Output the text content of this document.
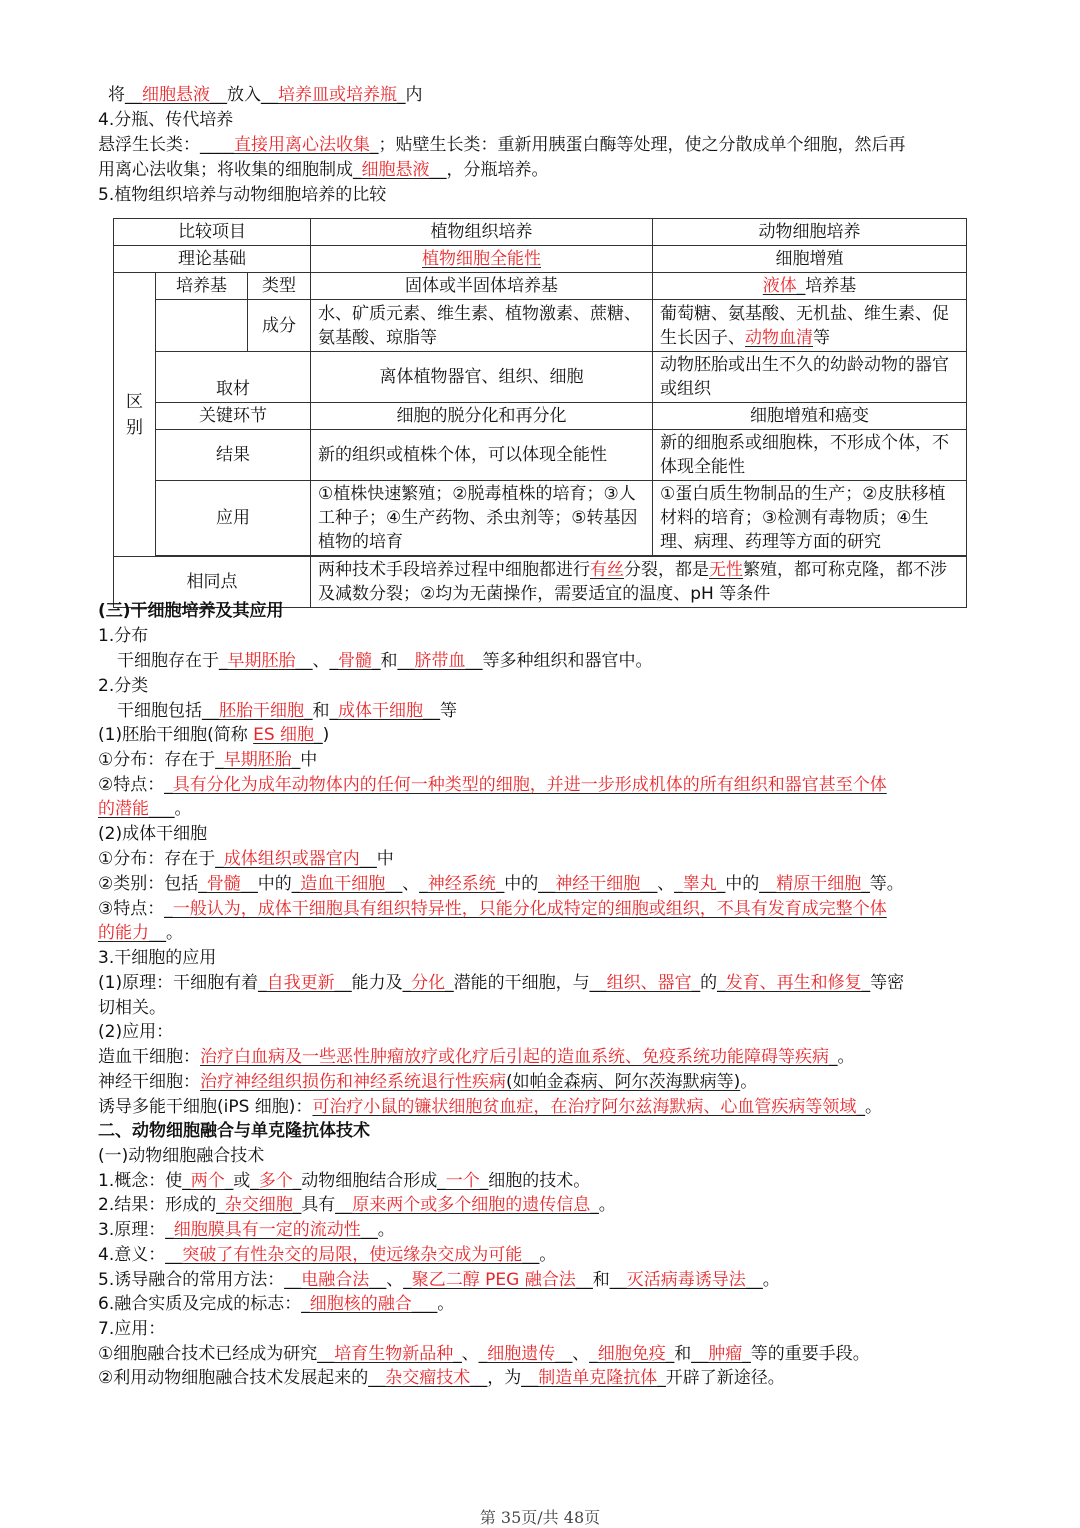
将__细胞悬液__放入__培养皿或培养瓶_内
4.分瓶、传代培养
悬浮生长类：____直接用离心法收集_；贴壁生长类：重新用胰蛋白酶等处理，使之分散成单个细胞，然后再
用离心法收集；将收集的细胞制成_细胞悬液__，分瓶培养。
5.植物组织培养与动物细胞培养的比较
比较项目			植物组织培养	动物细胞培养
理论基础			植物细胞全能性	细胞增殖
区别	培养基	类型	固体或半固体培养基	液体_培养基
		成分	水、矿质元素、维生素、植物激素、蔗糖、氨基酸、琼脂等	葡萄糖、氨基酸、无机盐、维生素、促生长因子、动物血清等
	取材		离体植物器官、组织、细胞	动物胚胎或出生不久的幼龄动物的器官或组织
	关键环节		细胞的脱分化和再分化	细胞增殖和癌变
	结果		新的组织或植株个体，可以体现全能性	新的细胞系或细胞株，不形成个体，不体现全能性
	应用		①植株快速繁殖；②脱毒植株的培育；③人工种子；④生产药物、杀虫剂等；⑤转基因植物的培育	①蛋白质生物制品的生产；②皮肤移植材料的培育；③检测有毒物质；④生理、病理、药理等方面的研究

相同点			两种技术手段培养过程中细胞都进行有丝分裂，都是无性繁殖，都可称克隆，都不涉及减数分裂；②均为无菌操作，需要适宜的温度、pH 等条件	
(三)干细胞培养及其应用
1.分布
干细胞存在于_早期胚胎__、_骨髓_和__脐带血__等多种组织和器官中。
2.分类
干细胞包括__胚胎干细胞_和_成体干细胞__等
(1)胚胎干细胞(简称 ES 细胞_)
①分布：存在于_早期胚胎_中
②特点：_具有分化为成年动物体内的任何一种类型的细胞，并进一步形成机体的所有组织和器官甚至个体
的潜能___。
(2)成体干细胞
①分布：存在于_成体组织或器官内__中
②类别：包括_骨髓__中的_造血干细胞__、_神经系统_中的__神经干细胞__、_睾丸_中的__精原干细胞_等。
③特点：_一般认为，成体干细胞具有组织特异性，只能分化成特定的细胞或组织，不具有发育成完整个体
的能力__。
3.干细胞的应用
(1)原理：干细胞有着_自我更新__能力及_分化_潜能的干细胞，与__组织、器官_的_发育、再生和修复_等密
切相关。
(2)应用：
造血干细胞：治疗白血病及一些恶性肿瘤放疗或化疗后引起的造血系统、免疫系统功能障碍等疾病_。
神经干细胞：治疗神经组织损伤和神经系统退行性疾病(如帕金森病、阿尔茨海默病等)。
诱导多能干细胞(iPS 细胞)：可治疗小鼠的镰状细胞贫血症，在治疗阿尔兹海默病、心血管疾病等领域_。
二、动物细胞融合与单克隆抗体技术
(一)动物细胞融合技术
1.概念：使_两个_或_多个_动物细胞结合形成_一个_细胞的技术。
2.结果：形成的_杂交细胞_具有__原来两个或多个细胞的遗传信息_。
3.原理：_细胞膜具有一定的流动性__。
4.意义：__突破了有性杂交的局限，使远缘杂交成为可能__。
5.诱导融合的常用方法：__电融合法__、_聚乙二醇 PEG 融合法__和__灭活病毒诱导法__。
6.融合实质及完成的标志：_细胞核的融合___。
7.应用：
①细胞融合技术已经成为研究__培育生物新品种_、_细胞遗传__、_细胞免疫_和__肿瘤_等的重要手段。
②利用动物细胞融合技术发展起来的__杂交瘤技术__，为__制造单克隆抗体_开辟了新途径。
第 35页/共 48页
